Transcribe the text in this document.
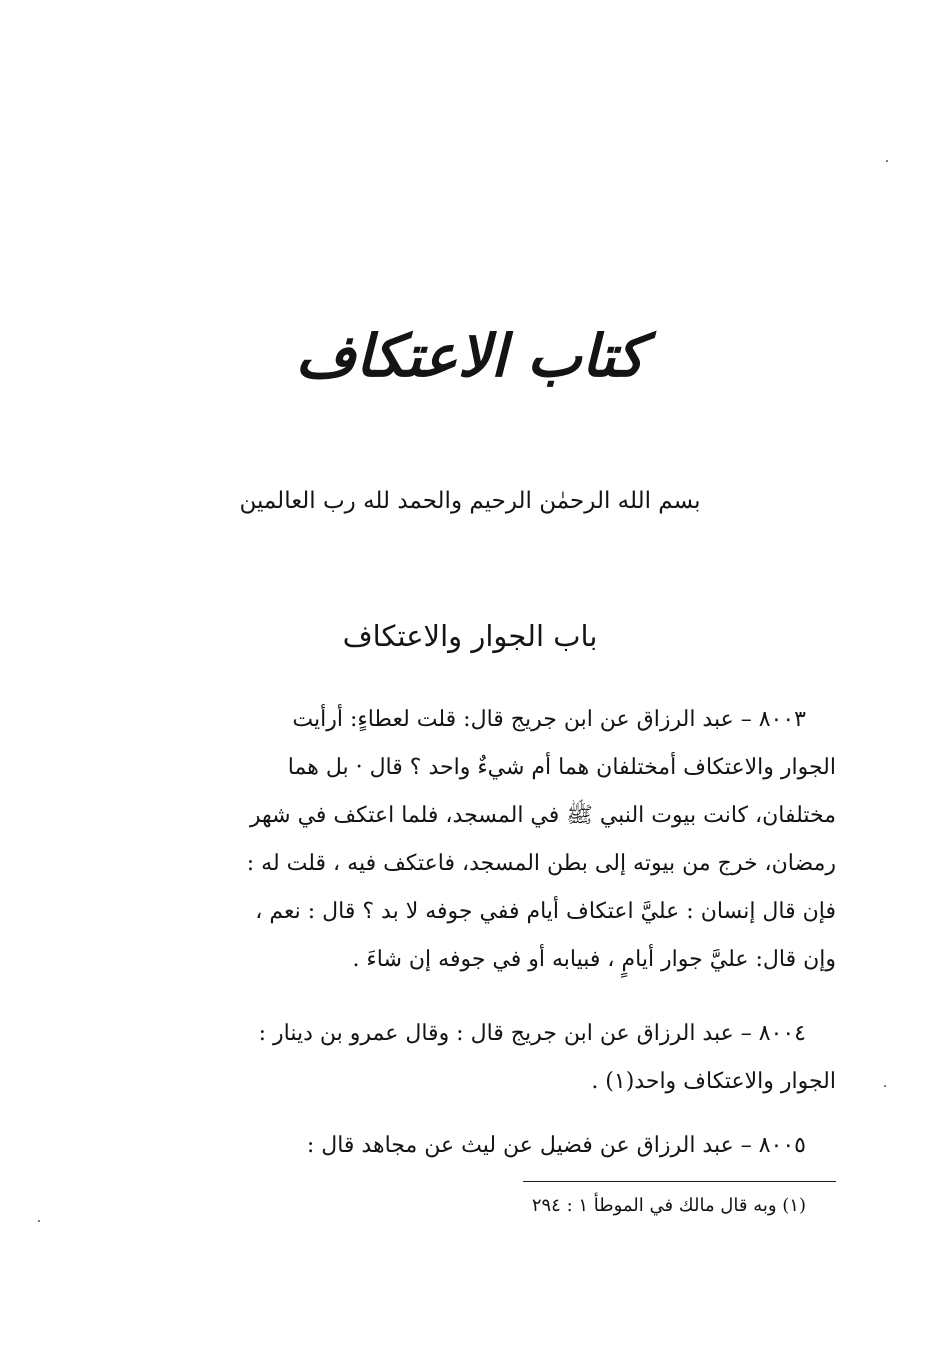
كتاب الاعتكاف
بسم الله الرحمٰن الرحيم والحمد لله رب العالمين
باب الجوار والاعتكاف
٨٠٠٣ – عبد الرزاق عن ابن جريج قال: قلت لعطاءٍ: أرأيت
الجوار والاعتكاف أمختلفان هما أم شيءٌ واحد ؟ قال · بل هما
مختلفان، كانت بيوت النبي ﷺ في المسجد، فلما اعتكف في شهر
رمضان، خرج من بيوته إلى بطن المسجد، فاعتكف فيه ، قلت له :
فإن قال إنسان : عليَّ اعتكاف أيام ففي جوفه لا بد ؟ قال : نعم ،
وإن قال: عليَّ جوار أيامٍ ، فبيابه أو في جوفه إن شاءَ .
٨٠٠٤ – عبد الرزاق عن ابن جريج قال : وقال عمرو بن دينار :
الجوار والاعتكاف واحد(١) .
٨٠٠٥ – عبد الرزاق عن فضيل عن ليث عن مجاهد قال :
(١) وبه قال مالك في الموطأ ١ : ٢٩٤
